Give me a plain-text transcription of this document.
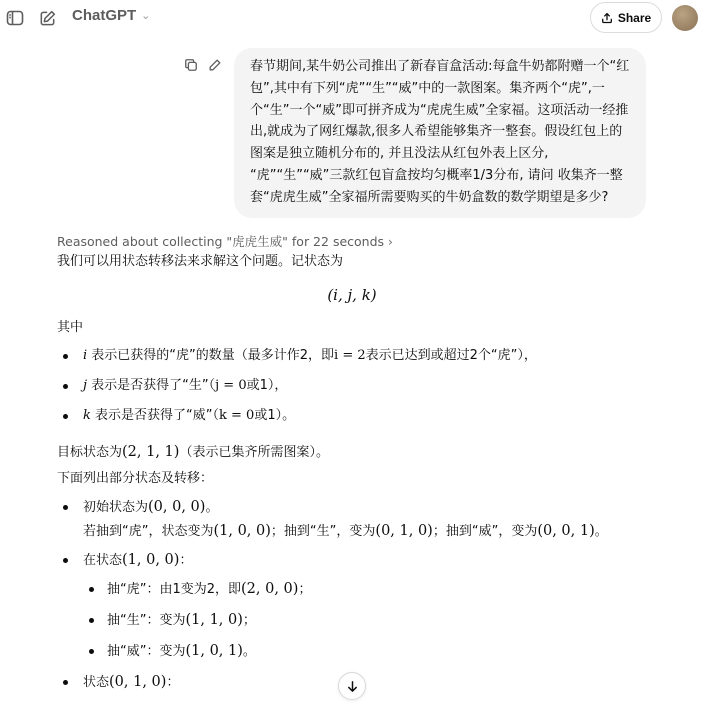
ChatGPT ⌄	Share
春节期间,某牛奶公司推出了新春盲盒活动:每盒牛奶都附赠一个“红包”,其中有下列“虎”“生”“威”中的一款图案。集齐两个“虎”,一个“生”一个“威”即可拼齐成为“虎虎生威”全家福。这项活动一经推出,就成为了网红爆款,很多人希望能够集齐一整套。假设红包上的图案是独立随机分布的, 并且没法从红包外表上区分, “虎”“生”“威”三款红包盲盒按均匀概率1/3分布, 请问 收集齐一整套“虎虎生威”全家福所需要购买的牛奶盒数的数学期望是多少?
Reasoned about collecting "虎虎生威" for 22 seconds ›
我们可以用状态转移法来求解这个问题。记状态为
(i, j, k)
其中
i 表示已获得的“虎”的数量（最多计作2，即i = 2表示已达到或超过2个“虎”），
j 表示是否获得了“生”（j = 0或1），
k 表示是否获得了“威”（k = 0或1）。
目标状态为(2, 1, 1)（表示已集齐所需图案）。
下面列出部分状态及转移：
初始状态为(0, 0, 0)。
若抽到“虎”，状态变为(1, 0, 0)；抽到“生”，变为(0, 1, 0)；抽到“威”，变为(0, 0, 1)。
在状态(1, 0, 0)：
抽“虎”：由1变为2，即(2, 0, 0)；
抽“生”：变为(1, 1, 0)；
抽“威”：变为(1, 0, 1)。
状态(0, 1, 0)：
